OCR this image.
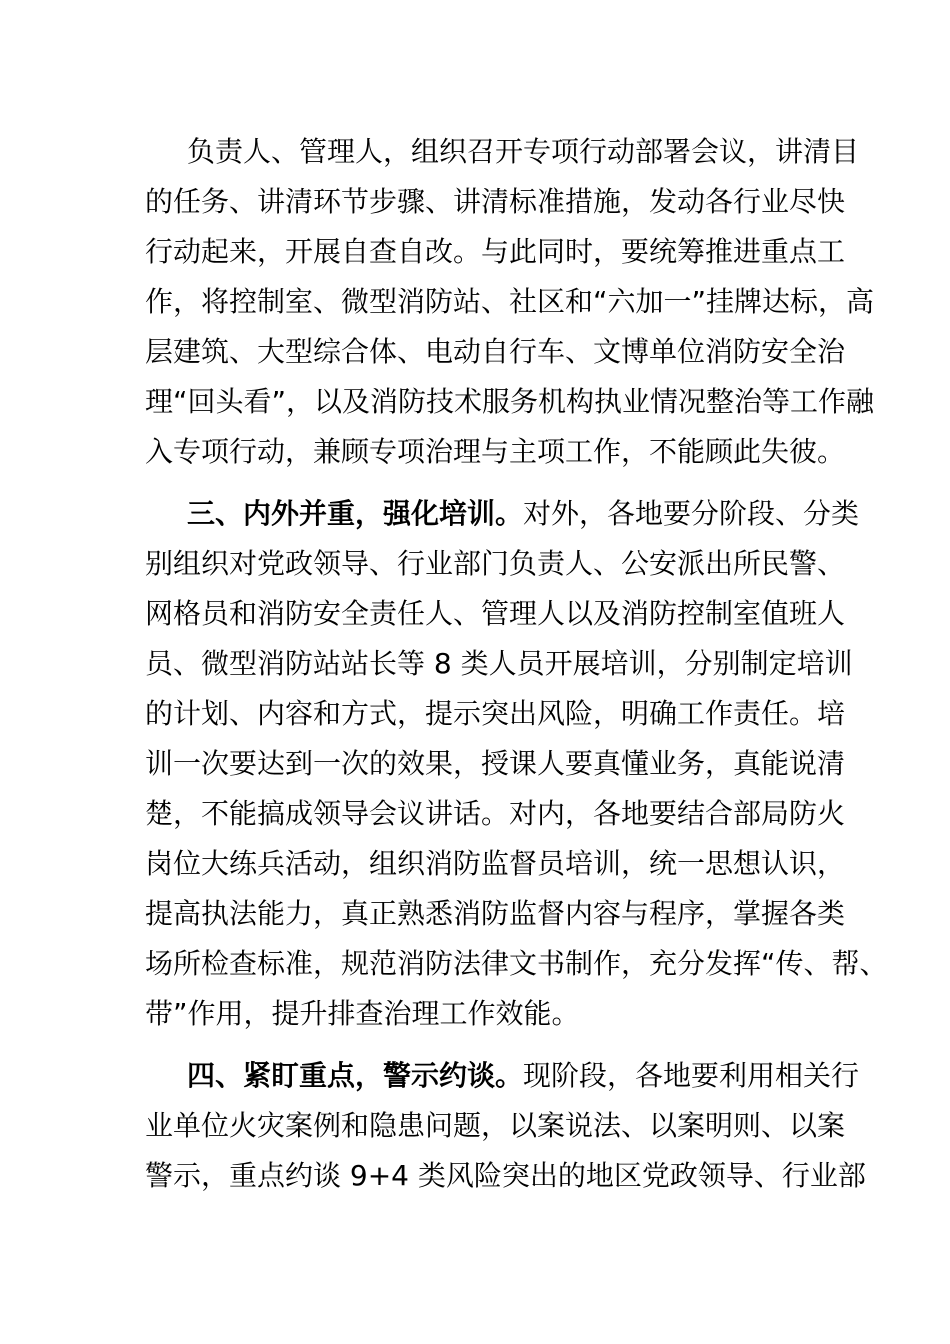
负责人、管理人，组织召开专项行动部署会议，讲清目
的任务、讲清环节步骤、讲清标准措施，发动各行业尽快
行动起来，开展自查自改。与此同时，要统筹推进重点工
作，将控制室、微型消防站、社区和“六加一”挂牌达标，高
层建筑、大型综合体、电动自行车、文博单位消防安全治
理“回头看”，以及消防技术服务机构执业情况整治等工作融
入专项行动，兼顾专项治理与主项工作，不能顾此失彼。
三、内外并重，强化培训。对外，各地要分阶段、分类
别组织对党政领导、行业部门负责人、公安派出所民警、
网格员和消防安全责任人、管理人以及消防控制室值班人
员、微型消防站站长等 8 类人员开展培训，分别制定培训
的计划、内容和方式，提示突出风险，明确工作责任。培
训一次要达到一次的效果，授课人要真懂业务，真能说清
楚，不能搞成领导会议讲话。对内，各地要结合部局防火
岗位大练兵活动，组织消防监督员培训，统一思想认识，
提高执法能力，真正熟悉消防监督内容与程序，掌握各类
场所检查标准，规范消防法律文书制作，充分发挥“传、帮、
带”作用，提升排查治理工作效能。
四、紧盯重点，警示约谈。现阶段，各地要利用相关行
业单位火灾案例和隐患问题，以案说法、以案明则、以案
警示，重点约谈 9+4 类风险突出的地区党政领导、行业部
